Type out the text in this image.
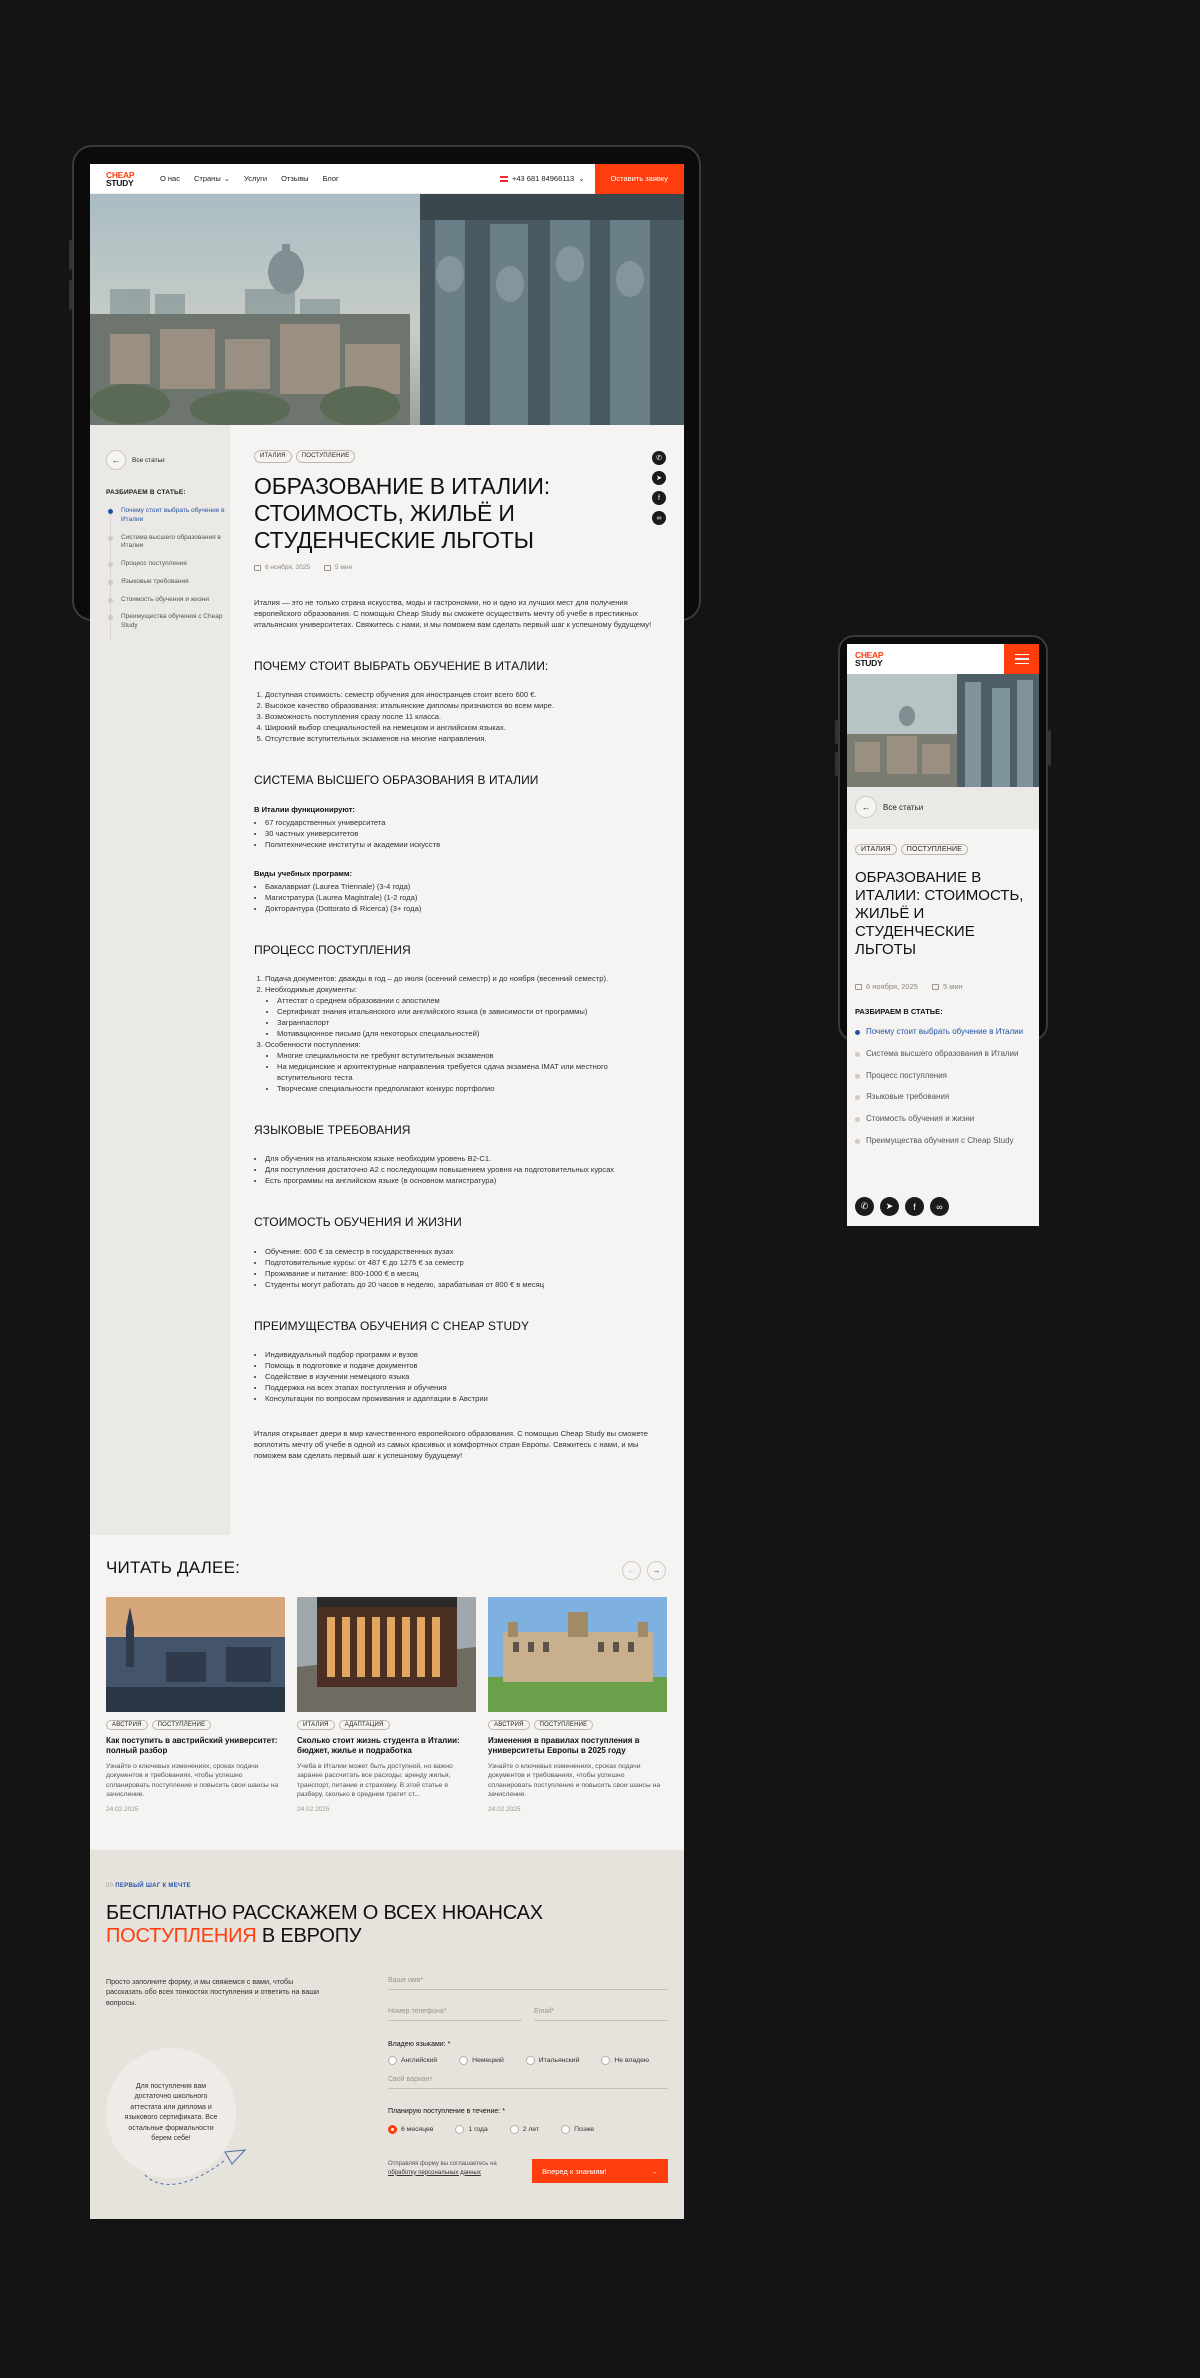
CHEAP
STUDY	О нас Страны ⌄ Услуги Отзывы Блог	+43 681 84966113 ⌄	Оставить заявку
←	Все статьи
РАЗБИРАЕМ В СТАТЬЕ:
Почему стоит выбрать обучение в Италии
Система высшего образования в Италии
Процесс поступления
Языковые требования
Стоимость обучения и жизни
Преимущества обучения с Cheap Study
✆
➤
f
∞
ИТАЛИЯ	ПОСТУПЛЕНИЕ
ОБРАЗОВАНИЕ В ИТАЛИИ: СТОИМОСТЬ, ЖИЛЬЁ И СТУДЕНЧЕСКИЕ ЛЬГОТЫ
6 ноября, 2025	5 мин

Италия — это не только страна искусства, моды и гастрономии, но и одно из лучших мест для получения европейского образования. С помощью Cheap Study вы сможете осуществить мечту об учебе в престижных итальянских университетах. Свяжитесь с нами, и мы поможем вам сделать первый шаг к успешному будущему!

ПОЧЕМУ СТОИТ ВЫБРАТЬ ОБУЧЕНИЕ В ИТАЛИИ:
1. Доступная стоимость: семестр обучения для иностранцев стоит всего 600 €.
2. Высокое качество образования: итальянские дипломы признаются во всем мире.
3. Возможность поступления сразу после 11 класса.
4. Широкий выбор специальностей на немецком и английском языках.
5. Отсутствие вступительных экзаменов на многие направления.
СИСТЕМА ВЫСШЕГО ОБРАЗОВАНИЯ В ИТАЛИИ
В Италии функционируют:
• 67 государственных университета
• 30 частных университетов
• Политехнические институты и академии искусств
Виды учебных программ:
• Бакалавриат (Laurea Triennale) (3-4 года)
• Магистратура (Laurea Magistrale) (1-2 года)
• Докторантура (Dottorato di Ricerca) (3+ года)
ПРОЦЕСС ПОСТУПЛЕНИЯ
1. Подача документов: дважды в год – до июля (осенний семестр) и до ноября (весенний семестр).
2. Необходимые документы:
• Аттестат о среднем образовании с апостилем
• Сертификат знания итальянского или английского языка (в зависимости от программы)
• Загранпаспорт
• Мотивационное письмо (для некоторых специальностей)
3. Особенности поступления:
• Многие специальности не требуют вступительных экзаменов
• На медицинские и архитектурные направления требуется сдача экзамена IMAT или местного вступительного теста
• Творческие специальности предполагают конкурс портфолио
ЯЗЫКОВЫЕ ТРЕБОВАНИЯ
• Для обучения на итальянском языке необходим уровень B2-C1.
• Для поступления достаточно A2 с последующим повышением уровня на подготовительных курсах
• Есть программы на английском языке (в основном магистратура)
СТОИМОСТЬ ОБУЧЕНИЯ И ЖИЗНИ
• Обучение: 600 € за семестр в государственных вузах
• Подготовительные курсы: от 487 € до 1275 € за семестр
• Проживание и питание: 800-1000 € в месяц
• Студенты могут работать до 20 часов в неделю, зарабатывая от 800 € в месяц
ПРЕИМУЩЕСТВА ОБУЧЕНИЯ С CHEAP STUDY
• Индивидуальный подбор программ и вузов
• Помощь в подготовке и подаче документов
• Содействие в изучении немецкого языка
• Поддержка на всех этапах поступления и обучения
• Консультации по вопросам проживания и адаптации в Австрии

Италия открывает двери в мир качественного европейского образования. С помощью Cheap Study вы сможете воплотить мечту об учебе в одной из самых красивых и комфортных стран Европы. Свяжитесь с нами, и мы поможем вам сделать первый шаг к успешному будущему!

ЧИТАТЬ ДАЛЕЕ:	←	→
АВСТРИЯ	ПОСТУПЛЕНИЕ
Как поступить в австрийский университет: полный разбор
Узнайте о ключевых изменениях, сроках подачи документов и требованиях, чтобы успешно спланировать поступление и повысить свои шансы на зачисление.
24.02.2025
ИТАЛИЯ	АДАПТАЦИЯ
Сколько стоит жизнь студента в Италии: бюджет, жилье и подработка
Учеба в Италии может быть доступной, но важно заранее рассчитать все расходы: аренду жилья, транспорт, питание и страховку. В этой статье я разберу, сколько в среднем тратит ст...
24.02.2025
АВСТРИЯ	ПОСТУПЛЕНИЕ
Изменения в правилах поступления в университеты Европы в 2025 году
Узнайте о ключевых изменениях, сроках подачи документов и требованиях, чтобы успешно спланировать поступление и повысить свои шансы на зачисление.
24.02.2025
00 ПЕРВЫЙ ШАГ К МЕЧТЕ
БЕСПЛАТНО РАССКАЖЕМ О ВСЕХ НЮАНСАХ
ПОСТУПЛЕНИЯ В ЕВРОПУ
Просто заполните форму, и мы свяжемся с вами, чтобы рассказать обо всех тонкостях поступления и ответить на ваши вопросы.
Для поступления вам достаточно школьного аттестата или диплома и языкового сертификата. Все остальные формальности берем себе!
Ваше имя*
Номер телефона*	Email*
Владею языками: *
Английский	Немецкий	Итальянский	Не владею
Свой вариант
Планирую поступление в течение: *
6 месяцев	1 года	2 лет	Позже
Отправляя форму вы соглашаетесь на
обработку персональных данных	Вперед к знаниям!	→
CHEAP
STUDY
←	Все статьи
ИТАЛИЯ	ПОСТУПЛЕНИЕ
ОБРАЗОВАНИЕ В ИТАЛИИ: СТОИМОСТЬ, ЖИЛЬЁ И СТУДЕНЧЕСКИЕ ЛЬГОТЫ
6 ноября, 2025	5 мин
РАЗБИРАЕМ В СТАТЬЕ:
Почему стоит выбрать обучение в Италии
Система высшего образования в Италии
Процесс поступления
Языковые требования
Стоимость обучения и жизни
Преимущества обучения с Cheap Study
✆	➤	f	∞
